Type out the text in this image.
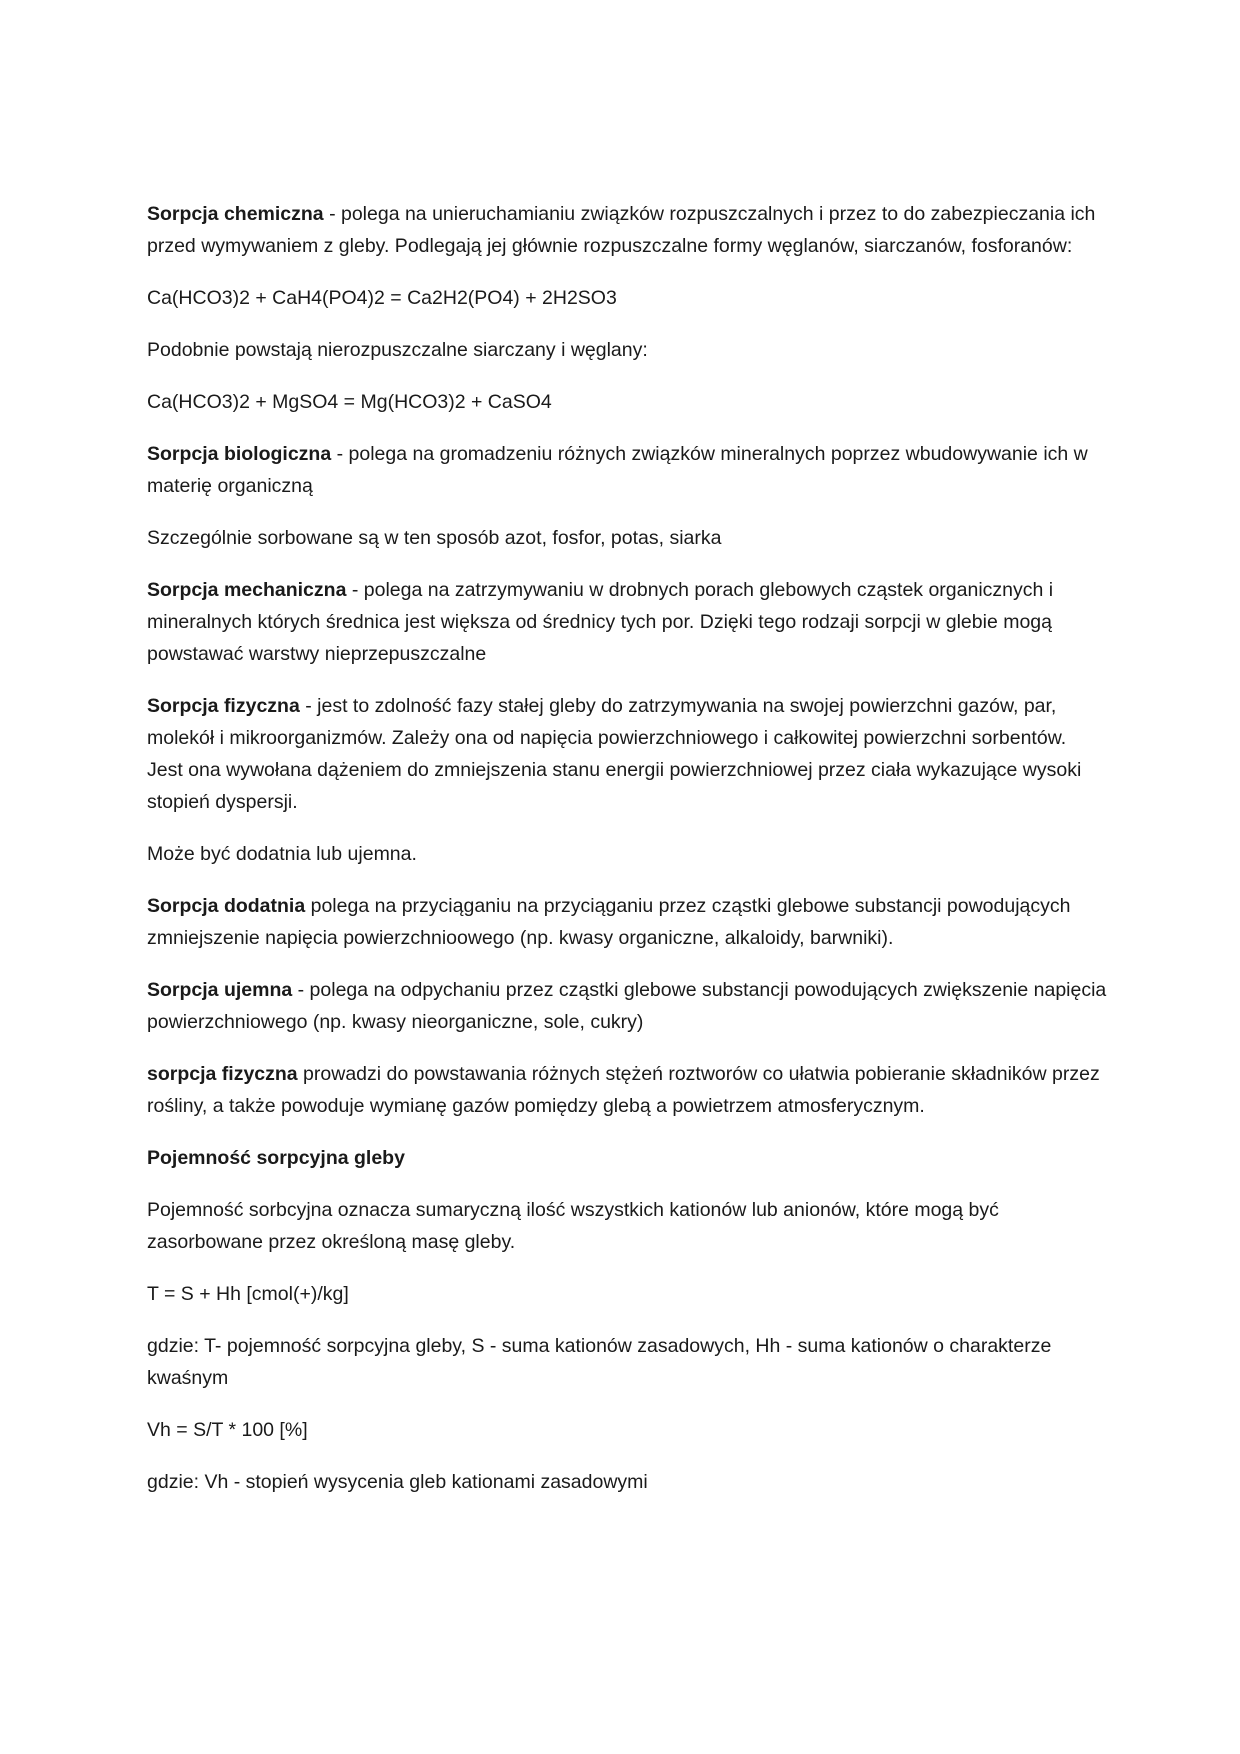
Sorpcja chemiczna - polega na unieruchamianiu związków rozpuszczalnych i przez to do zabezpieczania ich przed wymywaniem z gleby. Podlegają jej głównie rozpuszczalne formy węglanów, siarczanów, fosforanów:

Ca(HCO3)2 + CaH4(PO4)2 = Ca2H2(PO4) + 2H2SO3

Podobnie powstają nierozpuszczalne siarczany i węglany:

Ca(HCO3)2 + MgSO4 = Mg(HCO3)2 + CaSO4

Sorpcja biologiczna - polega na gromadzeniu różnych związków mineralnych poprzez wbudowywanie ich w materię organiczną

Szczególnie sorbowane są w ten sposób azot, fosfor, potas, siarka

Sorpcja mechaniczna - polega na zatrzymywaniu w drobnych porach glebowych cząstek organicznych i mineralnych których średnica jest większa od średnicy tych por. Dzięki tego rodzaji sorpcji w glebie mogą powstawać warstwy nieprzepuszczalne

Sorpcja fizyczna - jest to zdolność fazy stałej gleby do zatrzymywania na swojej powierzchni gazów, par, molekół i mikroorganizmów. Zależy ona od napięcia powierzchniowego i całkowitej powierzchni sorbentów. Jest ona wywołana dążeniem do zmniejszenia stanu energii powierzchniowej przez ciała wykazujące wysoki stopień dyspersji.

Może być dodatnia lub ujemna.

Sorpcja dodatnia polega na przyciąganiu na przyciąganiu przez cząstki glebowe substancji powodujących zmniejszenie napięcia powierzchnioowego (np. kwasy organiczne, alkaloidy, barwniki).

Sorpcja ujemna - polega na odpychaniu przez cząstki glebowe substancji powodujących zwiększenie napięcia powierzchniowego (np. kwasy nieorganiczne, sole, cukry)

sorpcja fizyczna prowadzi do powstawania różnych stężeń roztworów co ułatwia pobieranie składników przez rośliny, a także powoduje wymianę gazów pomiędzy glebą a powietrzem atmosferycznym.

Pojemność sorpcyjna gleby

Pojemność sorbcyjna oznacza sumaryczną ilość wszystkich kationów lub anionów, które mogą być zasorbowane przez określoną masę gleby.

T = S + Hh [cmol(+)/kg]

gdzie: T- pojemność sorpcyjna gleby, S - suma kationów zasadowych, Hh - suma kationów o charakterze kwaśnym

Vh = S/T * 100 [%]

gdzie: Vh - stopień wysycenia gleb kationami zasadowymi
